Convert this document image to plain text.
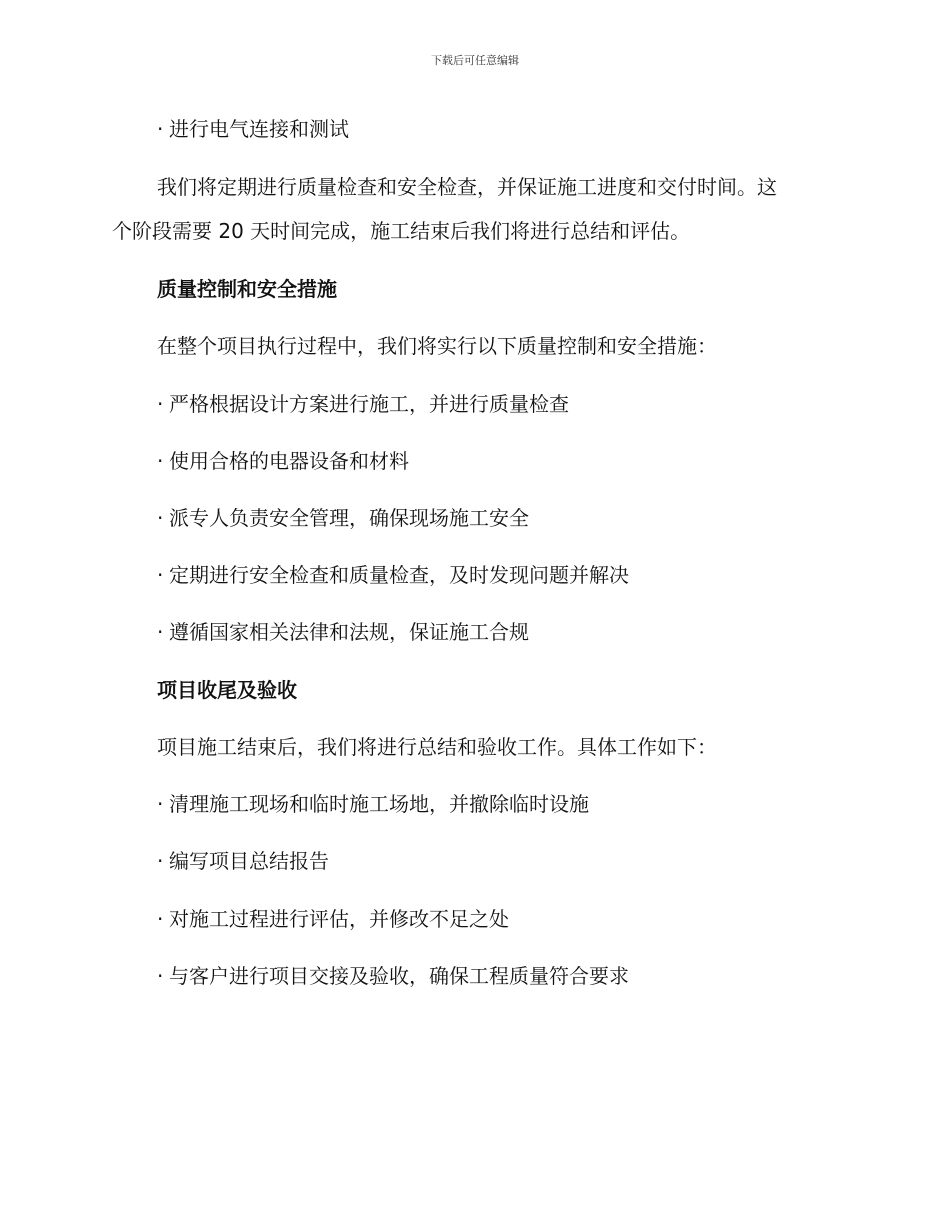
下载后可任意编辑
· 进行电气连接和测试
我们将定期进行质量检查和安全检查，并保证施工进度和交付时间。这
个阶段需要 20 天时间完成，施工结束后我们将进行总结和评估。
质量控制和安全措施
在整个项目执行过程中，我们将实行以下质量控制和安全措施：
· 严格根据设计方案进行施工，并进行质量检查
· 使用合格的电器设备和材料
· 派专人负责安全管理，确保现场施工安全
· 定期进行安全检查和质量检查，及时发现问题并解决
· 遵循国家相关法律和法规，保证施工合规
项目收尾及验收
项目施工结束后，我们将进行总结和验收工作。具体工作如下：
· 清理施工现场和临时施工场地，并撤除临时设施
· 编写项目总结报告
· 对施工过程进行评估，并修改不足之处
· 与客户进行项目交接及验收，确保工程质量符合要求
